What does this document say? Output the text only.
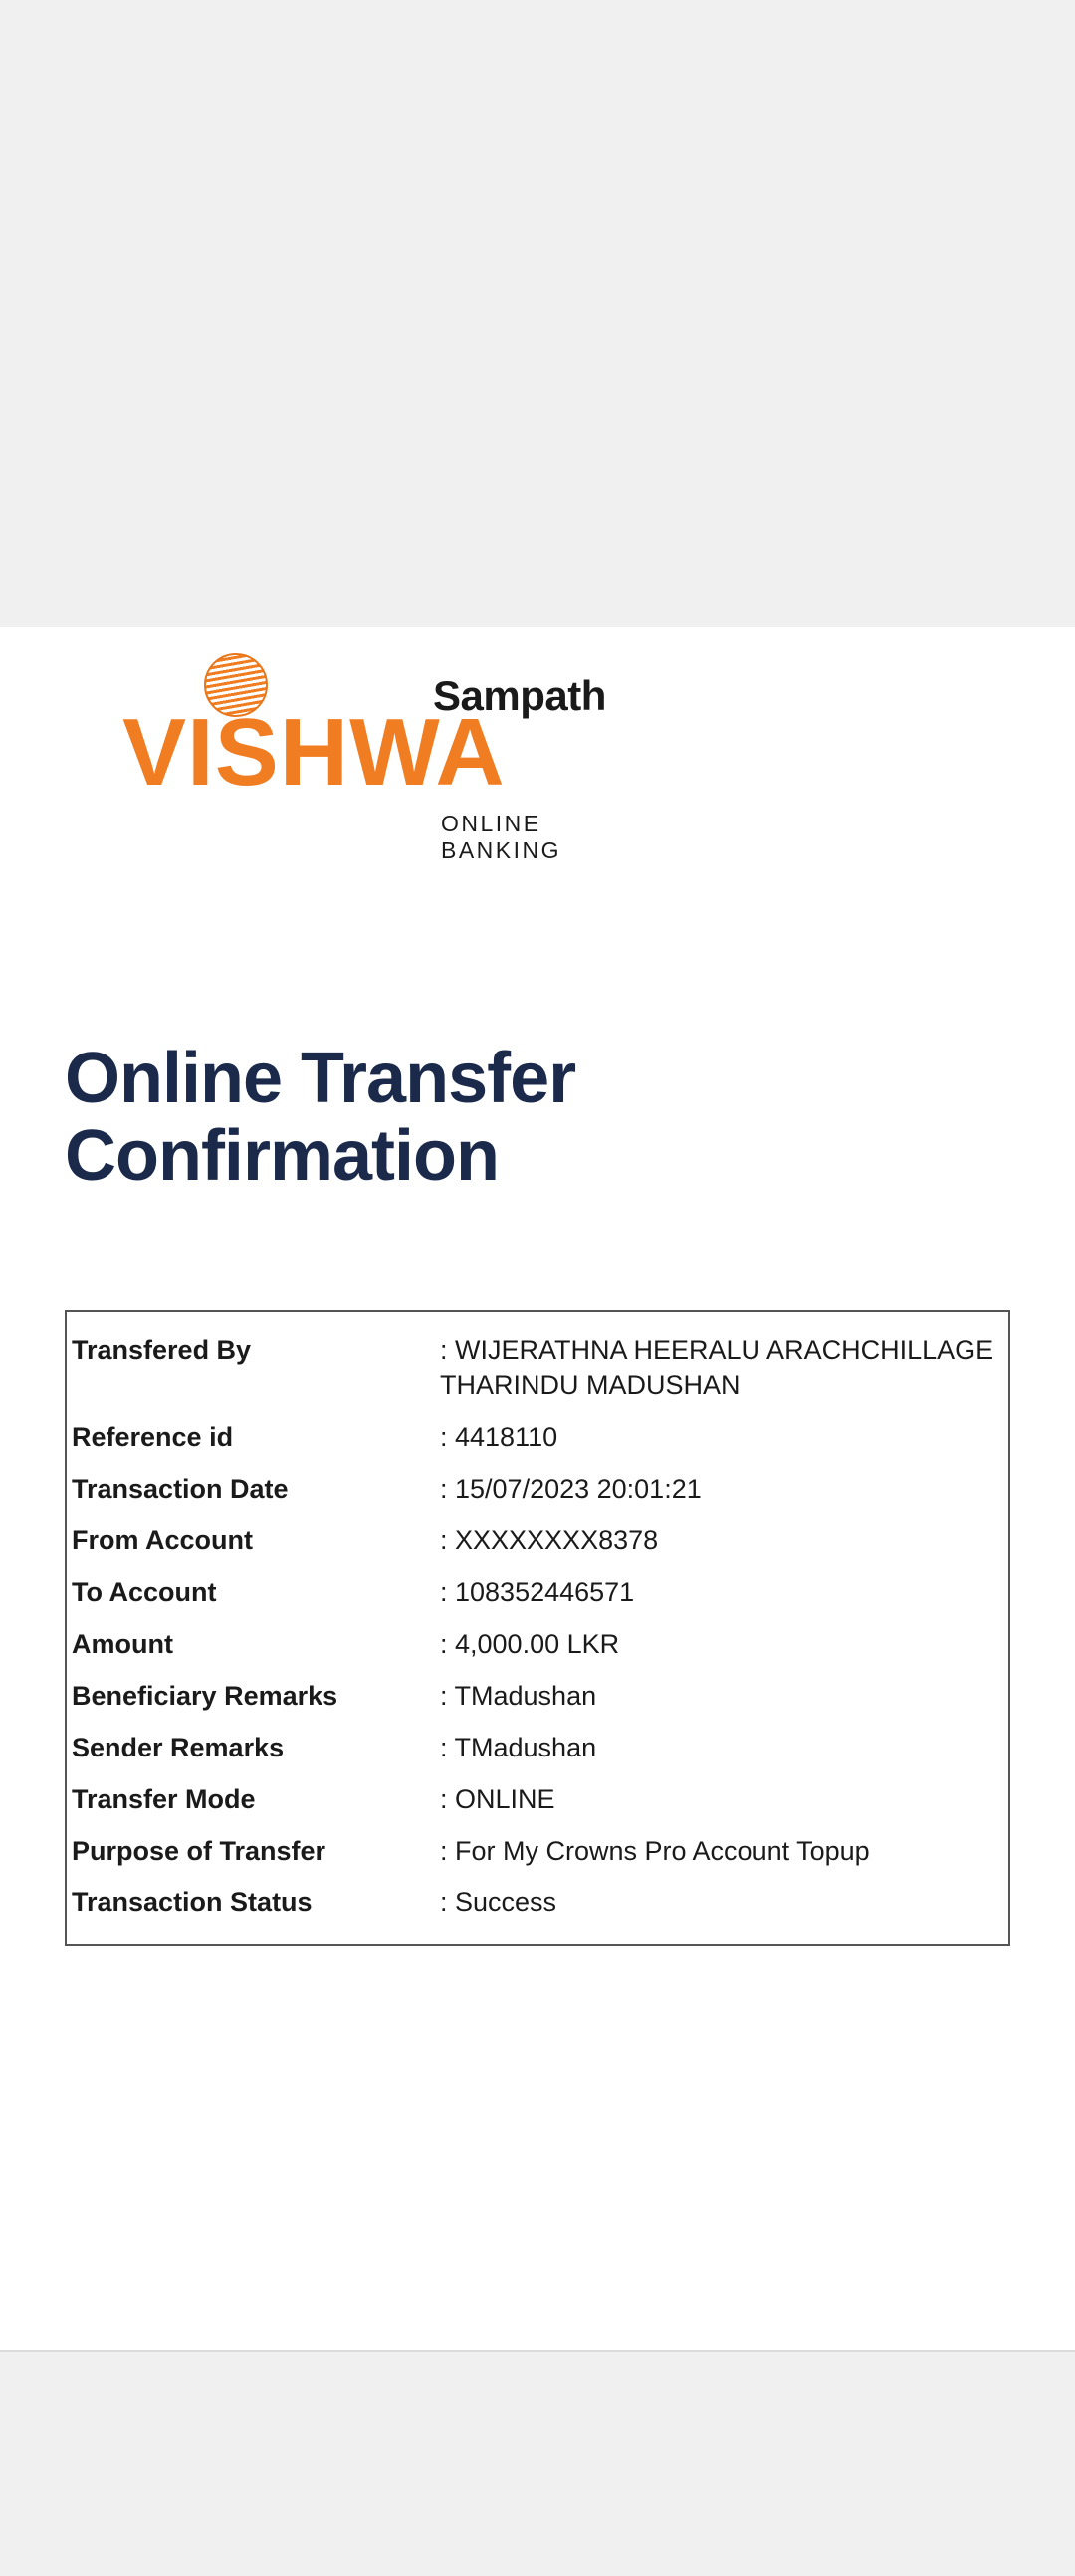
Sampath
VISHWA
ONLINE BANKING
Online Transfer Confirmation
Transfered By	: WIJERATHNA HEERALU ARACHCHILLAGE THARINDU MADUSHAN
Reference id	: 4418110
Transaction Date	: 15/07/2023 20:01:21
From Account	: XXXXXXXX8378
To Account	: 108352446571
Amount	: 4,000.00 LKR
Beneficiary Remarks	: TMadushan
Sender Remarks	: TMadushan
Transfer Mode	: ONLINE
Purpose of Transfer	: For My Crowns Pro Account Topup
Transaction Status	: Success
